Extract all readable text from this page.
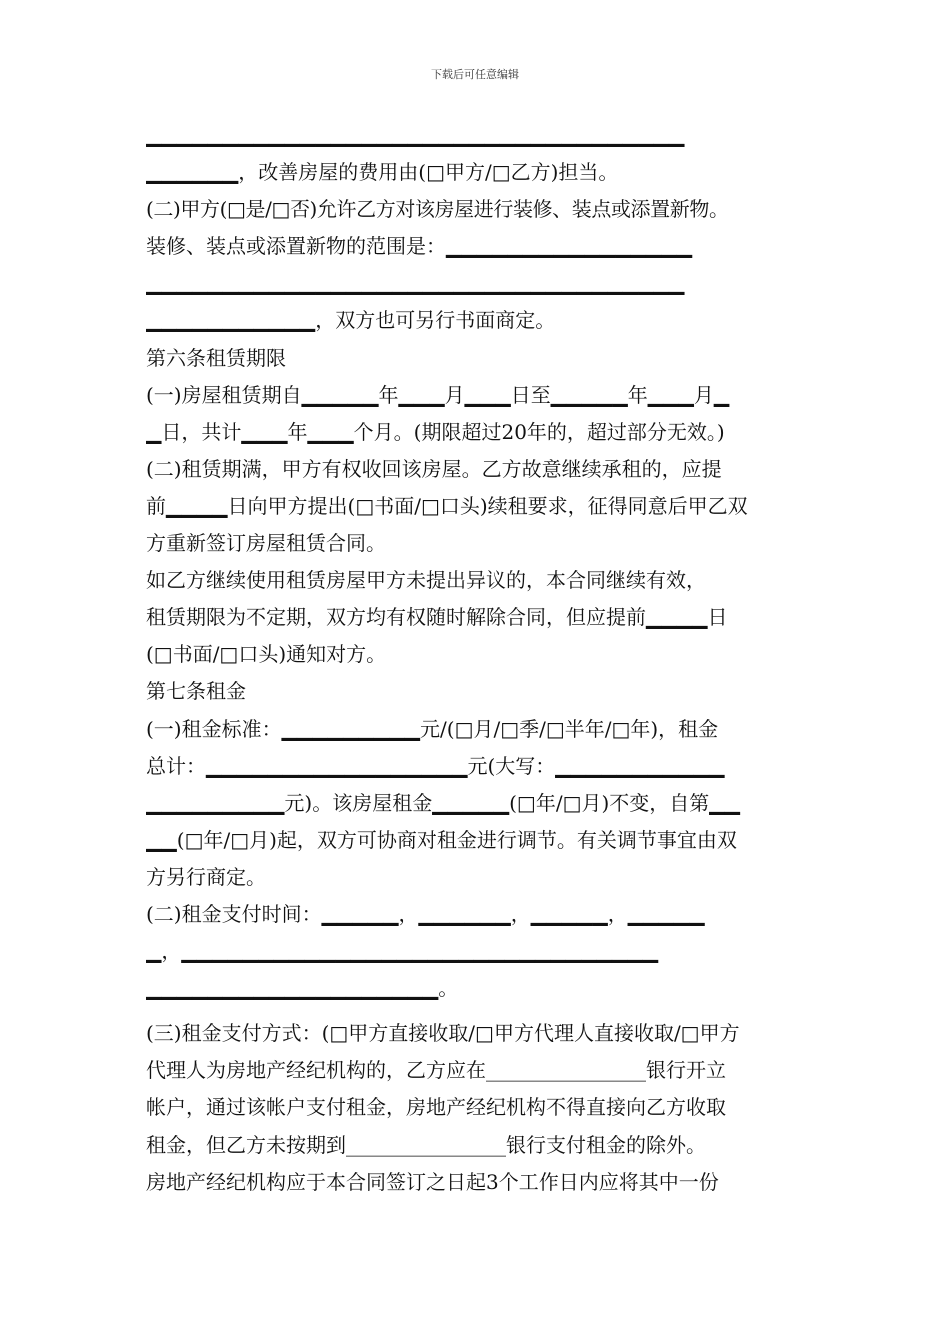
下载后可任意编辑
▁▁▁▁▁▁▁▁▁▁▁▁▁▁▁▁▁▁▁▁▁▁▁▁▁▁▁▁▁▁▁▁▁▁▁
▁▁▁▁▁▁，改善房屋的费用由(□甲方/□乙方)担当。
(二)甲方(□是/□否)允许乙方对该房屋进行装修、装点或添置新物。
装修、装点或添置新物的范围是：▁▁▁▁▁▁▁▁▁▁▁▁▁▁▁▁
▁▁▁▁▁▁▁▁▁▁▁▁▁▁▁▁▁▁▁▁▁▁▁▁▁▁▁▁▁▁▁▁▁▁▁
▁▁▁▁▁▁▁▁▁▁▁，双方也可另行书面商定。
第六条租赁期限
(一)房屋租赁期自▁▁▁▁▁年▁▁▁月▁▁▁日至▁▁▁▁▁年▁▁▁月▁
▁日，共计▁▁▁年▁▁▁个月。(期限超过20年的，超过部分无效。)
(二)租赁期满，甲方有权收回该房屋。乙方故意继续承租的，应提
前▁▁▁▁日向甲方提出(□书面/□口头)续租要求，征得同意后甲乙双
方重新签订房屋租赁合同。
如乙方继续使用租赁房屋甲方未提出异议的，本合同继续有效，
租赁期限为不定期，双方均有权随时解除合同，但应提前▁▁▁▁日
(□书面/□口头)通知对方。
第七条租金
(一)租金标准：▁▁▁▁▁▁▁▁▁元/(□月/□季/□半年/□年)，租金
总计：▁▁▁▁▁▁▁▁▁▁▁▁▁▁▁▁▁元(大写：▁▁▁▁▁▁▁▁▁▁▁
▁▁▁▁▁▁▁▁▁元)。该房屋租金▁▁▁▁▁(□年/□月)不变，自第▁▁
▁▁(□年/□月)起，双方可协商对租金进行调节。有关调节事宜由双
方另行商定。
(二)租金支付时间：▁▁▁▁▁，▁▁▁▁▁▁，▁▁▁▁▁，▁▁▁▁▁
▁，▁▁▁▁▁▁▁▁▁▁▁▁▁▁▁▁▁▁▁▁▁▁▁▁▁▁▁▁▁▁▁
▁▁▁▁▁▁▁▁▁▁▁▁▁▁▁▁▁▁▁。
(三)租金支付方式：(□甲方直接收取/□甲方代理人直接收取/□甲方
代理人为房地产经纪机构的，乙方应在________________银行开立
帐户，通过该帐户支付租金，房地产经纪机构不得直接向乙方收取
租金，但乙方未按期到________________银行支付租金的除外。
房地产经纪机构应于本合同签订之日起3个工作日内应将其中一份
